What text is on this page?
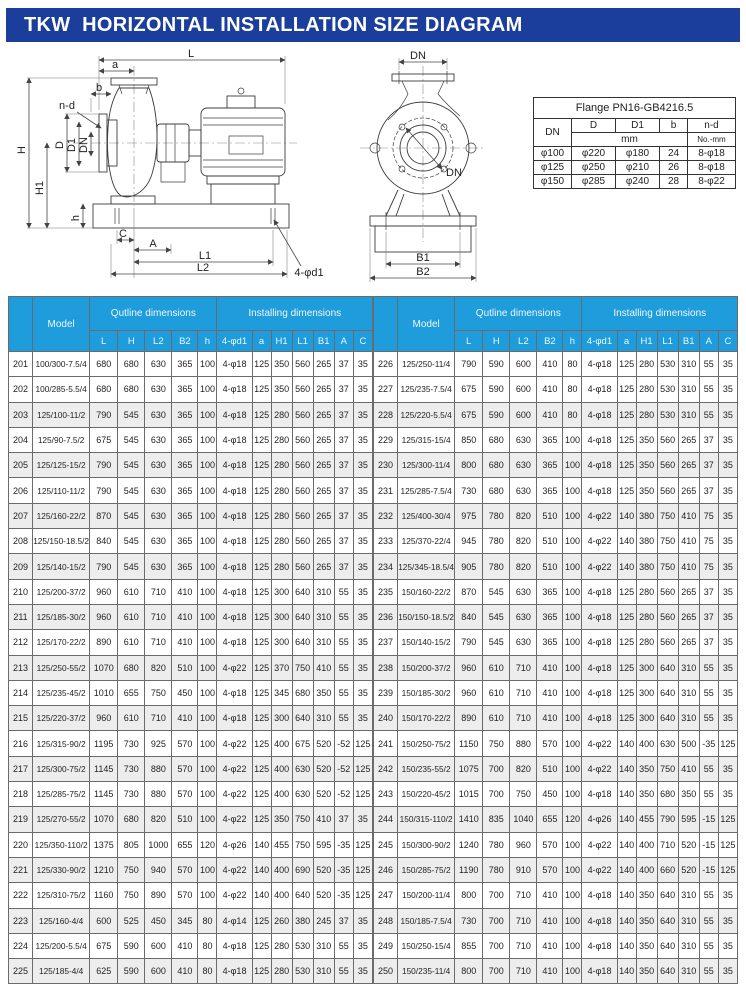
TKW  HORIZONTAL INSTALLATION SIZE DIAGRAM
L
a
b
n-d
H
H1
D D1 DN
h
C
A
L1
L2	4-φd1
DN
DN
B1
B2
Flange PN16-GB4216.5				
DN	D	D1	b	n-d
	mm			No.-mm
φ100	φ220	φ180	24	8-φ18
φ125	φ250	φ210	26	8-φ18
φ150	φ285	φ240	28	8-φ22
	Model	Qutline dimensions					Installing dimensions						
		L	H	L2	B2	h	4-φd1	a	H1	L1	B1	A	C
201	100/300-7.5/4	680	680	630	365	100	4-φ18	125	350	560	265	37	35
202	100/285-5.5/4	680	680	630	365	100	4-φ18	125	350	560	265	37	35
203	125/100-11/2	790	545	630	365	100	4-φ18	125	280	560	265	37	35
204	125/90-7.5/2	675	545	630	365	100	4-φ18	125	280	560	265	37	35
205	125/125-15/2	790	545	630	365	100	4-φ18	125	280	560	265	37	35
206	125/110-11/2	790	545	630	365	100	4-φ18	125	280	560	265	37	35
207	125/160-22/2	870	545	630	365	100	4-φ18	125	280	560	265	37	35
208	125/150-18.5/2	840	545	630	365	100	4-φ18	125	280	560	265	37	35
209	125/140-15/2	790	545	630	365	100	4-φ18	125	280	560	265	37	35
210	125/200-37/2	960	610	710	410	100	4-φ18	125	300	640	310	55	35
211	125/185-30/2	960	610	710	410	100	4-φ18	125	300	640	310	55	35
212	125/170-22/2	890	610	710	410	100	4-φ18	125	300	640	310	55	35
213	125/250-55/2	1070	680	820	510	100	4-φ22	125	370	750	410	55	35
214	125/235-45/2	1010	655	750	450	100	4-φ18	125	345	680	350	55	35
215	125/220-37/2	960	610	710	410	100	4-φ18	125	300	640	310	55	35
216	125/315-90/2	1195	730	925	570	100	4-φ22	125	400	675	520	-52	125
217	125/300-75/2	1145	730	880	570	100	4-φ22	125	400	630	520	-52	125
218	125/285-75/2	1145	730	880	570	100	4-φ22	125	400	630	520	-52	125
219	125/270-55/2	1070	680	820	510	100	4-φ22	125	350	750	410	37	35
220	125/350-110/2	1375	805	1000	655	120	4-φ26	140	455	750	595	-35	125
221	125/330-90/2	1210	750	940	570	100	4-φ22	140	400	690	520	-35	125
222	125/310-75/2	1160	750	890	570	100	4-φ22	140	400	640	520	-35	125
223	125/160-4/4	600	525	450	345	80	4-φ14	125	260	380	245	37	35
224	125/200-5.5/4	675	590	600	410	80	4-φ18	125	280	530	310	55	35
225	125/185-4/4	625	590	600	410	80	4-φ18	125	280	530	310	55	35
	Model	Qutline dimensions					Installing dimensions						
		L	H	L2	B2	h	4-φd1	a	H1	L1	B1	A	C
226	125/250-11/4	790	590	600	410	80	4-φ18	125	280	530	310	55	35
227	125/235-7.5/4	675	590	600	410	80	4-φ18	125	280	530	310	55	35
228	125/220-5.5/4	675	590	600	410	80	4-φ18	125	280	530	310	55	35
229	125/315-15/4	850	680	630	365	100	4-φ18	125	350	560	265	37	35
230	125/300-11/4	800	680	630	365	100	4-φ18	125	350	560	265	37	35
231	125/285-7.5/4	730	680	630	365	100	4-φ18	125	350	560	265	37	35
232	125/400-30/4	975	780	820	510	100	4-φ22	140	380	750	410	75	35
233	125/370-22/4	945	780	820	510	100	4-φ22	140	380	750	410	75	35
234	125/345-18.5/4	905	780	820	510	100	4-φ22	140	380	750	410	75	35
235	150/160-22/2	870	545	630	365	100	4-φ18	125	280	560	265	37	35
236	150/150-18.5/2	840	545	630	365	100	4-φ18	125	280	560	265	37	35
237	150/140-15/2	790	545	630	365	100	4-φ18	125	280	560	265	37	35
238	150/200-37/2	960	610	710	410	100	4-φ18	125	300	640	310	55	35
239	150/185-30/2	960	610	710	410	100	4-φ18	125	300	640	310	55	35
240	150/170-22/2	890	610	710	410	100	4-φ18	125	300	640	310	55	35
241	150/250-75/2	1150	750	880	570	100	4-φ22	140	400	630	500	-35	125
242	150/235-55/2	1075	700	820	510	100	4-φ22	140	350	750	410	55	35
243	150/220-45/2	1015	700	750	450	100	4-φ18	140	350	680	350	55	35
244	150/315-110/2	1410	835	1040	655	120	4-φ26	140	455	790	595	-15	125
245	150/300-90/2	1240	780	960	570	100	4-φ22	140	400	710	520	-15	125
246	150/285-75/2	1190	780	910	570	100	4-φ22	140	400	660	520	-15	125
247	150/200-11/4	800	700	710	410	100	4-φ18	140	350	640	310	55	35
248	150/185-7.5/4	730	700	710	410	100	4-φ18	140	350	640	310	55	35
249	150/250-15/4	855	700	710	410	100	4-φ18	140	350	640	310	55	35
250	150/235-11/4	800	700	710	410	100	4-φ18	140	350	640	310	55	35
